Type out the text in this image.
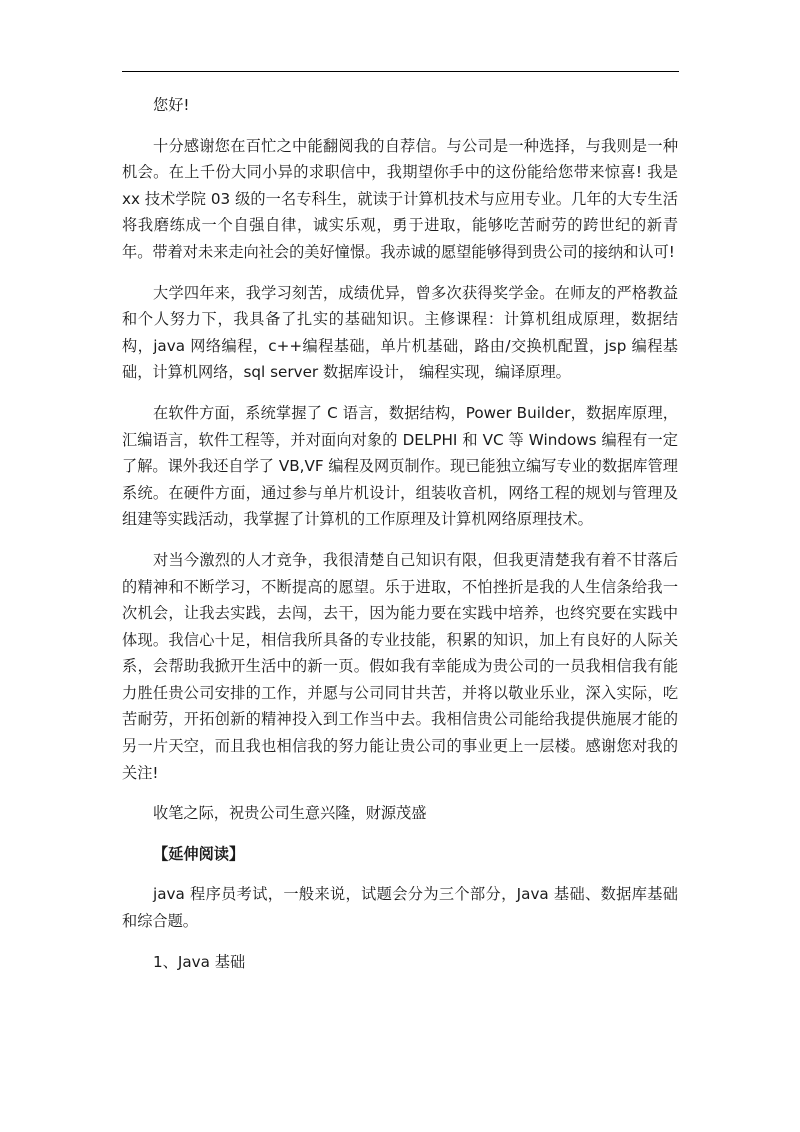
您好!

十分感谢您在百忙之中能翻阅我的自荐信。与公司是一种选择，与我则是一种机会。在上千份大同小异的求职信中，我期望你手中的这份能给您带来惊喜! 我是 xx 技术学院 03 级的一名专科生，就读于计算机技术与应用专业。几年的大专生活将我磨练成一个自强自律，诚实乐观，勇于进取，能够吃苦耐劳的跨世纪的新青年。带着对未来走向社会的美好憧憬。我赤诚的愿望能够得到贵公司的接纳和认可!

大学四年来，我学习刻苦，成绩优异，曾多次获得奖学金。在师友的严格教益和个人努力下，我具备了扎实的基础知识。主修课程：计算机组成原理，数据结构，java 网络编程，c++编程基础，单片机基础，路由/交换机配置，jsp 编程基础，计算机网络，sql server 数据库设计， 编程实现，编译原理。

在软件方面，系统掌握了 C 语言，数据结构，Power Builder，数据库原理，汇编语言，软件工程等，并对面向对象的 DELPHI 和 VC 等 Windows 编程有一定了解。课外我还自学了 VB,VF 编程及网页制作。现已能独立编写专业的数据库管理系统。在硬件方面，通过参与单片机设计，组装收音机，网络工程的规划与管理及组建等实践活动，我掌握了计算机的工作原理及计算机网络原理技术。

对当今激烈的人才竞争，我很清楚自己知识有限，但我更清楚我有着不甘落后的精神和不断学习，不断提高的愿望。乐于进取，不怕挫折是我的人生信条给我一次机会，让我去实践，去闯，去干，因为能力要在实践中培养，也终究要在实践中体现。我信心十足，相信我所具备的专业技能，积累的知识，加上有良好的人际关系，会帮助我掀开生活中的新一页。假如我有幸能成为贵公司的一员我相信我有能力胜任贵公司安排的工作，并愿与公司同甘共苦，并将以敬业乐业，深入实际，吃苦耐劳，开拓创新的精神投入到工作当中去。我相信贵公司能给我提供施展才能的另一片天空，而且我也相信我的努力能让贵公司的事业更上一层楼。感谢您对我的关注!

收笔之际，祝贵公司生意兴隆，财源茂盛

【延伸阅读】

java 程序员考试，一般来说，试题会分为三个部分，Java 基础、数据库基础和综合题。

1、Java 基础
